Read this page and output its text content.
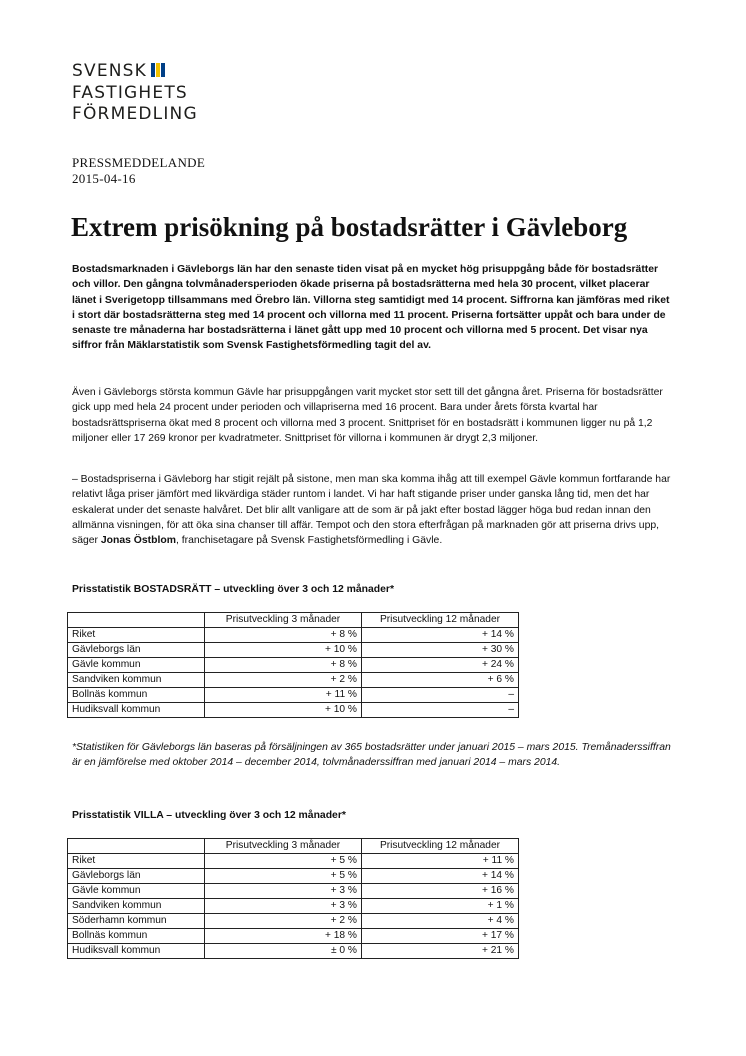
SVENSK
FASTIGHETS
FÖRMEDLING
PRESSMEDDELANDE
2015-04-16
Extrem prisökning på bostadsrätter i Gävleborg

Bostadsmarknaden i Gävleborgs län har den senaste tiden visat på en mycket hög prisuppgång både för bostadsrätter och villor. Den gångna tolvmånadersperioden ökade priserna på bostadsrätterna med hela 30 procent, vilket placerar länet i Sverigetopp tillsammans med Örebro län. Villorna steg samtidigt med 14 procent. Siffrorna kan jämföras med riket i stort där bostadsrätterna steg med 14 procent och villorna med 11 procent. Priserna fortsätter uppåt och bara under de senaste tre månaderna har bostadsrätterna i länet gått upp med 10 procent och villorna med 5 procent. Det visar nya siffror från Mäklarstatistik som Svensk Fastighetsförmedling tagit del av.

Även i Gävleborgs största kommun Gävle har prisuppgången varit mycket stor sett till det gångna året. Priserna för bostadsrätter gick upp med hela 24 procent under perioden och villapriserna med 16 procent. Bara under årets första kvartal har bostadsrättspriserna ökat med 8 procent och villorna med 3 procent. Snittpriset för en bostadsrätt i kommunen ligger nu på 1,2 miljoner eller 17 269 kronor per kvadratmeter. Snittpriset för villorna i kommunen är drygt 2,3 miljoner.

– Bostadspriserna i Gävleborg har stigit rejält på sistone, men man ska komma ihåg att till exempel Gävle kommun fortfarande har relativt låga priser jämfört med likvärdiga städer runtom i landet. Vi har haft stigande priser under ganska lång tid, men det har eskalerat under det senaste halvåret. Det blir allt vanligare att de som är på jakt efter bostad lägger höga bud redan innan den allmänna visningen, för att öka sina chanser till affär. Tempot och den stora efterfrågan på marknaden gör att priserna drivs upp, säger Jonas Östblom, franchisetagare på Svensk Fastighetsförmedling i Gävle.

Prisstatistik BOSTADSRÄTT – utveckling över 3 och 12 månader*

	Prisutveckling 3 månader	Prisutveckling 12 månader
Riket	+ 8 %	+ 14 %
Gävleborgs län	+ 10 %	+ 30 %
Gävle kommun	+ 8 %	+ 24 %
Sandviken kommun	+ 2 %	+ 6 %
Bollnäs kommun	+ 11 %	–
Hudiksvall kommun	+ 10 %	–

*Statistiken för Gävleborgs län baseras på försäljningen av 365 bostadsrätter under januari 2015 – mars 2015. Tremånaderssiffran är en jämförelse med oktober 2014 – december 2014, tolvmånaderssiffran med januari 2014 – mars 2014.

Prisstatistik VILLA – utveckling över 3 och 12 månader*

	Prisutveckling 3 månader	Prisutveckling 12 månader
Riket	+ 5 %	+ 11 %
Gävleborgs län	+ 5 %	+ 14 %
Gävle kommun	+ 3 %	+ 16 %
Sandviken kommun	+ 3 %	+ 1 %
Söderhamn kommun	+ 2 %	+ 4 %
Bollnäs kommun	+ 18 %	+ 17 %
Hudiksvall kommun	± 0 %	+ 21 %
